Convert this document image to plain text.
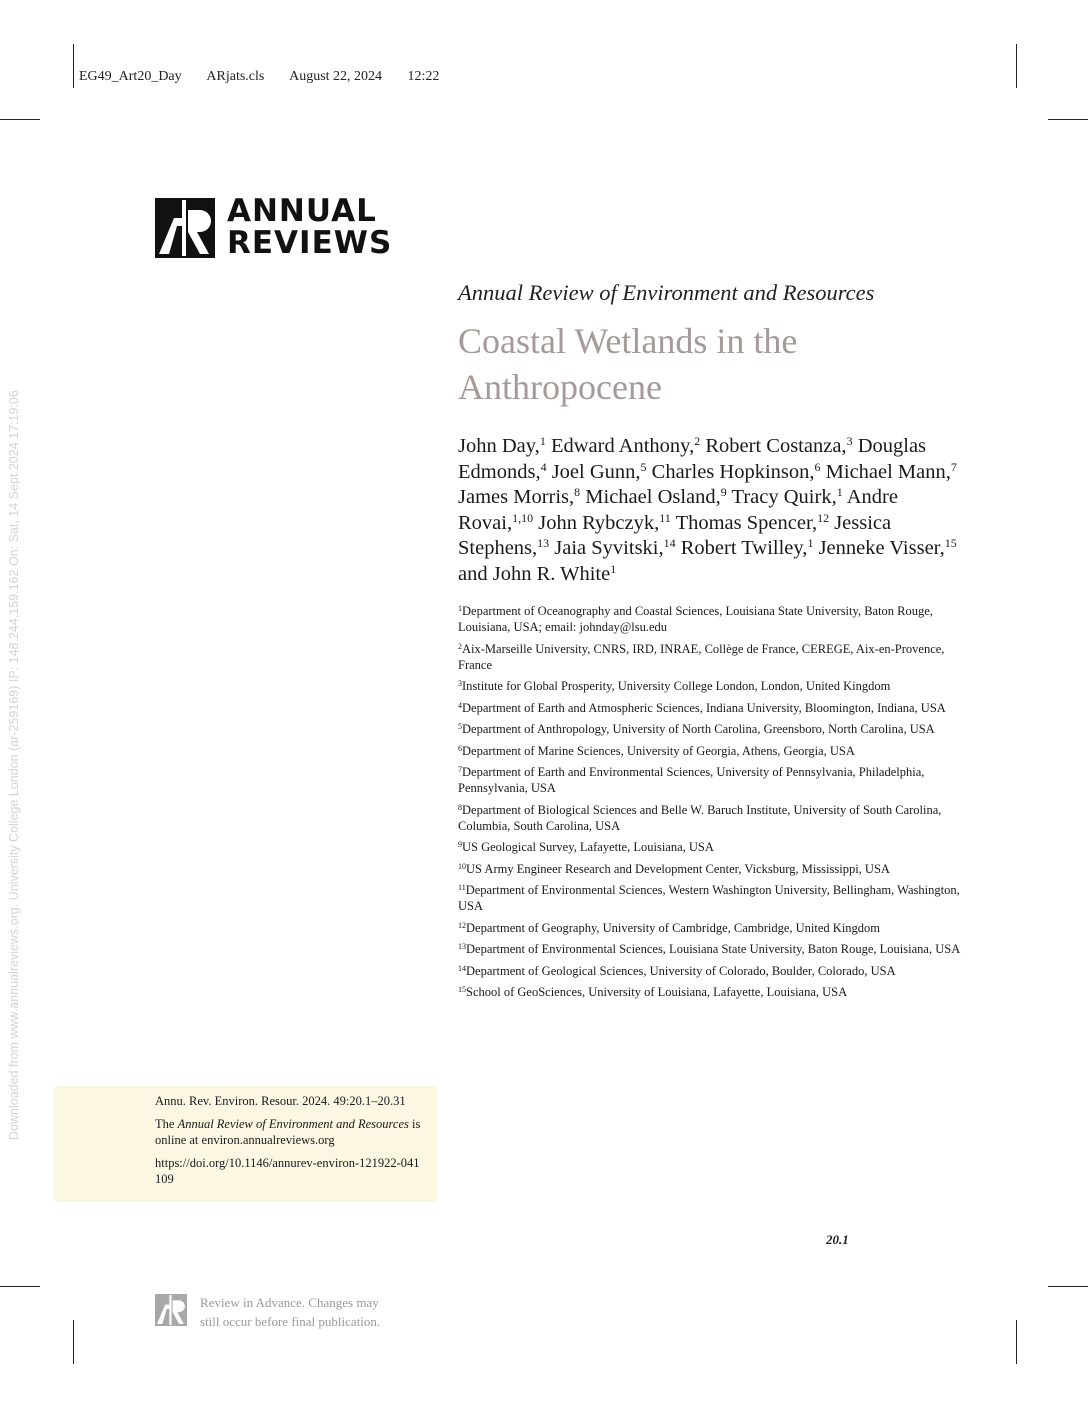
EG49_Art20_Day ARjats.cls August 22, 2024 12:22
ANNUAL
REVIEWS
Downloaded from www.annualreviews.org. University College London (ar-259169) IP: 148.244.159.162 On: Sat, 14 Sept 2024 17:19:06
Annual Review of Environment and Resources
Coastal Wetlands in the Anthropocene
John Day,$^1$ Edward Anthony,$^2$ Robert Costanza,$^3$ Douglas Edmonds,$^4$ Joel Gunn,$^5$ Charles Hopkinson,$^6$ Michael Mann,$^7$ James Morris,$^8$ Michael Osland,$^9$ Tracy Quirk,$^1$ Andre Rovai,$^{1,10}$ John Rybczyk,$^{11}$ Thomas Spencer,$^{12}$ Jessica Stephens,$^{13}$ Jaia Syvitski,$^{14}$ Robert Twilley,$^1$ Jenneke Visser,$^{15}$ and John R. White$^1$
$^1$Department of Oceanography and Coastal Sciences, Louisiana State University, Baton Rouge, Louisiana, USA; email: johnday@lsu.edu
$^2$Aix-Marseille University, CNRS, IRD, INRAE, Collège de France, CEREGE, Aix-en-Provence, France
$^3$Institute for Global Prosperity, University College London, London, United Kingdom
$^4$Department of Earth and Atmospheric Sciences, Indiana University, Bloomington, Indiana, USA
$^5$Department of Anthropology, University of North Carolina, Greensboro, North Carolina, USA
$^6$Department of Marine Sciences, University of Georgia, Athens, Georgia, USA
$^7$Department of Earth and Environmental Sciences, University of Pennsylvania, Philadelphia, Pennsylvania, USA
$^8$Department of Biological Sciences and Belle W. Baruch Institute, University of South Carolina, Columbia, South Carolina, USA
$^9$US Geological Survey, Lafayette, Louisiana, USA
$^{10}$US Army Engineer Research and Development Center, Vicksburg, Mississippi, USA
$^{11}$Department of Environmental Sciences, Western Washington University, Bellingham, Washington, USA
$^{12}$Department of Geography, University of Cambridge, Cambridge, United Kingdom
$^{13}$Department of Environmental Sciences, Louisiana State University, Baton Rouge, Louisiana, USA
$^{14}$Department of Geological Sciences, University of Colorado, Boulder, Colorado, USA
$^{15}$School of GeoSciences, University of Louisiana, Lafayette, Louisiana, USA

Annu. Rev. Environ. Resour. 2024. 49:20.1–20.31

The Annual Review of Environment and Resources is online at environ.annualreviews.org

https://doi.org/10.1146/annurev-environ-121922-041109

20.1
Review in Advance. Changes may
still occur before final publication.
